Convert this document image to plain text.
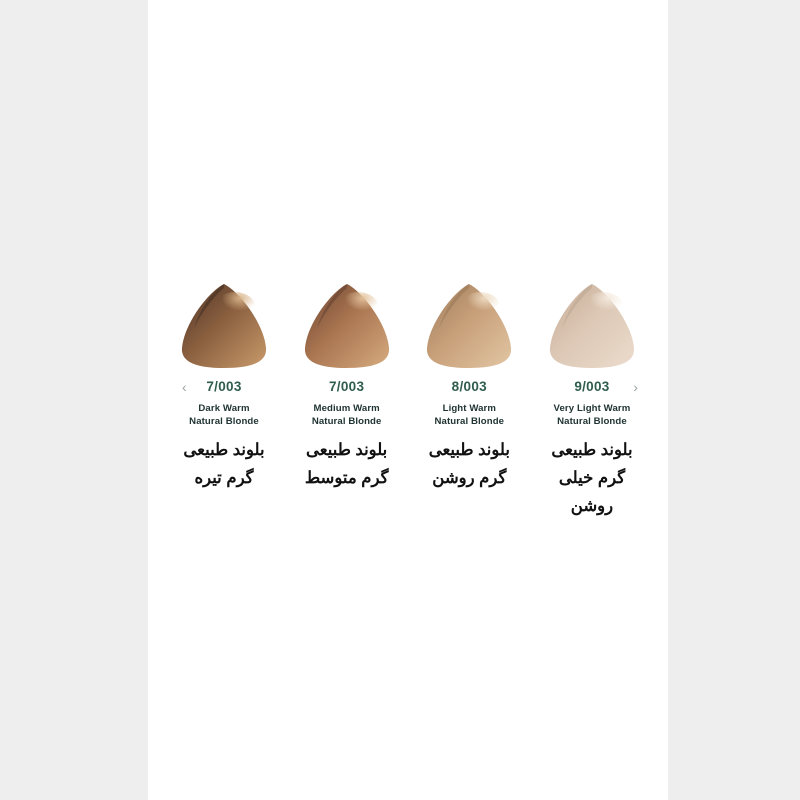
‹ 7/003
Dark Warm
Natural Blonde
بلوند طبیعی
گرم تیره
7/003
Medium Warm
Natural Blonde
بلوند طبیعی
گرم متوسط
8/003
Light Warm
Natural Blonde
بلوند طبیعی
گرم روشن
9/003 ›
Very Light Warm
Natural Blonde
بلوند طبیعی
گرم خیلی روشن
